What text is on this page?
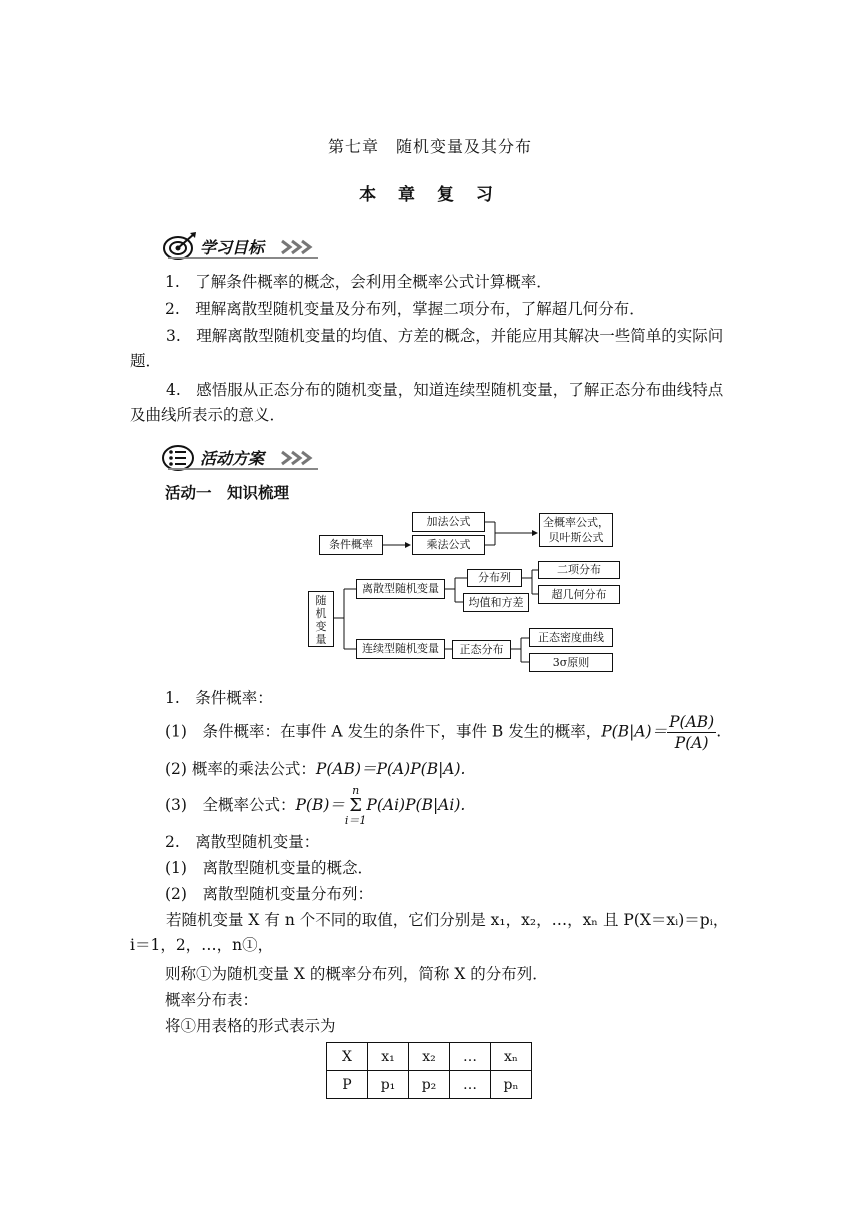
第七章　随机变量及其分布
本 章 复 习
学习目标
1.　了解条件概率的概念，会利用全概率公式计算概率．
2.　理解离散型随机变量及分布列，掌握二项分布，了解超几何分布．
3.　理解离散型随机变量的均值、方差的概念，并能应用其解决一些简单的实际问题．
4.　感悟服从正态分布的随机变量，知道连续型随机变量，了解正态分布曲线特点及曲线所表示的意义．
活动方案
活动一　知识梳理
条件概率
加法公式
乘法公式
全概率公式，贝叶斯公式
随机变量
离散型随机变量
连续型随机变量
分布列
均值和方差
二项分布
超几何分布
正态分布
正态密度曲线
3σ原则
1.　条件概率：
(1)　条件概率：在事件 A 发生的条件下，事件 B 发生的概率，$P(B|A)= \frac{P(AB)}{P(A)}$ .
(2) 概率的乘法公式：P(AB)＝P(A)P(B|A).
(3)　全概率公式：P(B)＝n
Σ
i＝1P(Ai)P(B|Ai).
2.　离散型随机变量：
(1)　离散型随机变量的概念．
(2)　离散型随机变量分布列：
若随机变量 X 有 n 个不同的取值，它们分别是 x₁，x₂，…，xₙ 且 P(X＝xᵢ)＝pᵢ，i＝1，2，…，n①，
则称①为随机变量 X 的概率分布列，简称 X 的分布列．
概率分布表：
将①用表格的形式表示为
X	x₁	x₂	…	xₙ
P	p₁	p₂	…	pₙ
